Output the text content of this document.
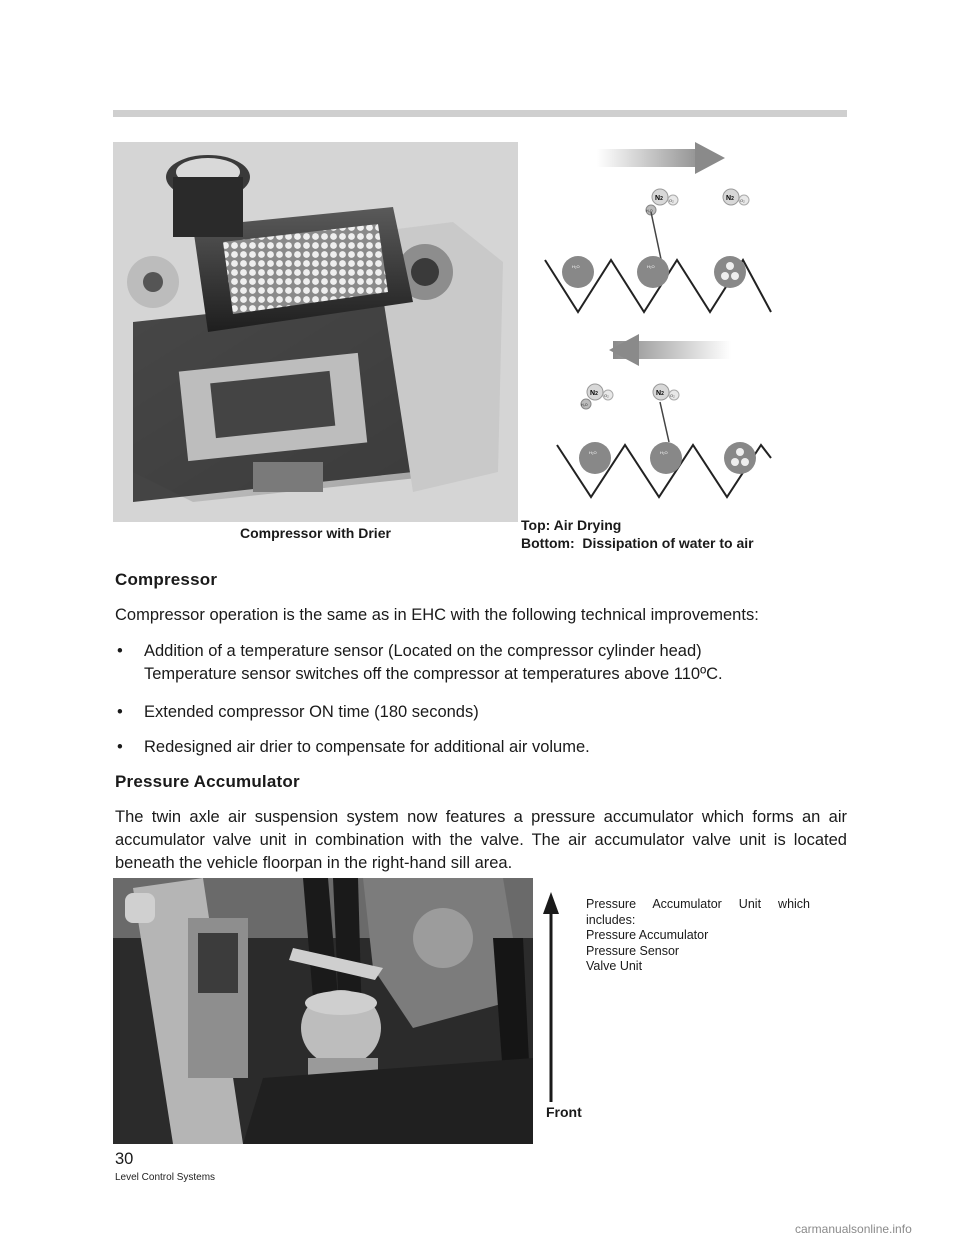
N2	N2
N2	N2
O₂	O₂
O₂	O₂
H₂O
H₂O
H₂O	H₂O
H₂O	H₂O
Compressor with Drier	Top: Air Drying
Bottom:  Dissipation of water to air
Compressor

Compressor operation is the same as in EHC with the following technical improvements:

• Addition of a temperature sensor (Located on the compressor cylinder head)
Temperature sensor switches off the compressor at temperatures above 110ºC.
• Extended compressor ON time (180 seconds)
• Redesigned air drier to compensate for additional air volume.
Pressure Accumulator

The twin axle air suspension system now features a pressure accumulator which forms an air accumulator valve unit in combination with the valve. The air accumulator valve unit is located beneath the vehicle floorpan in the right-hand sill area.

Pressure Accumulator Unit which
includes:
Pressure Accumulator
Pressure Sensor
Valve Unit
Front
30
Level Control Systems
carmanualsonline.info
